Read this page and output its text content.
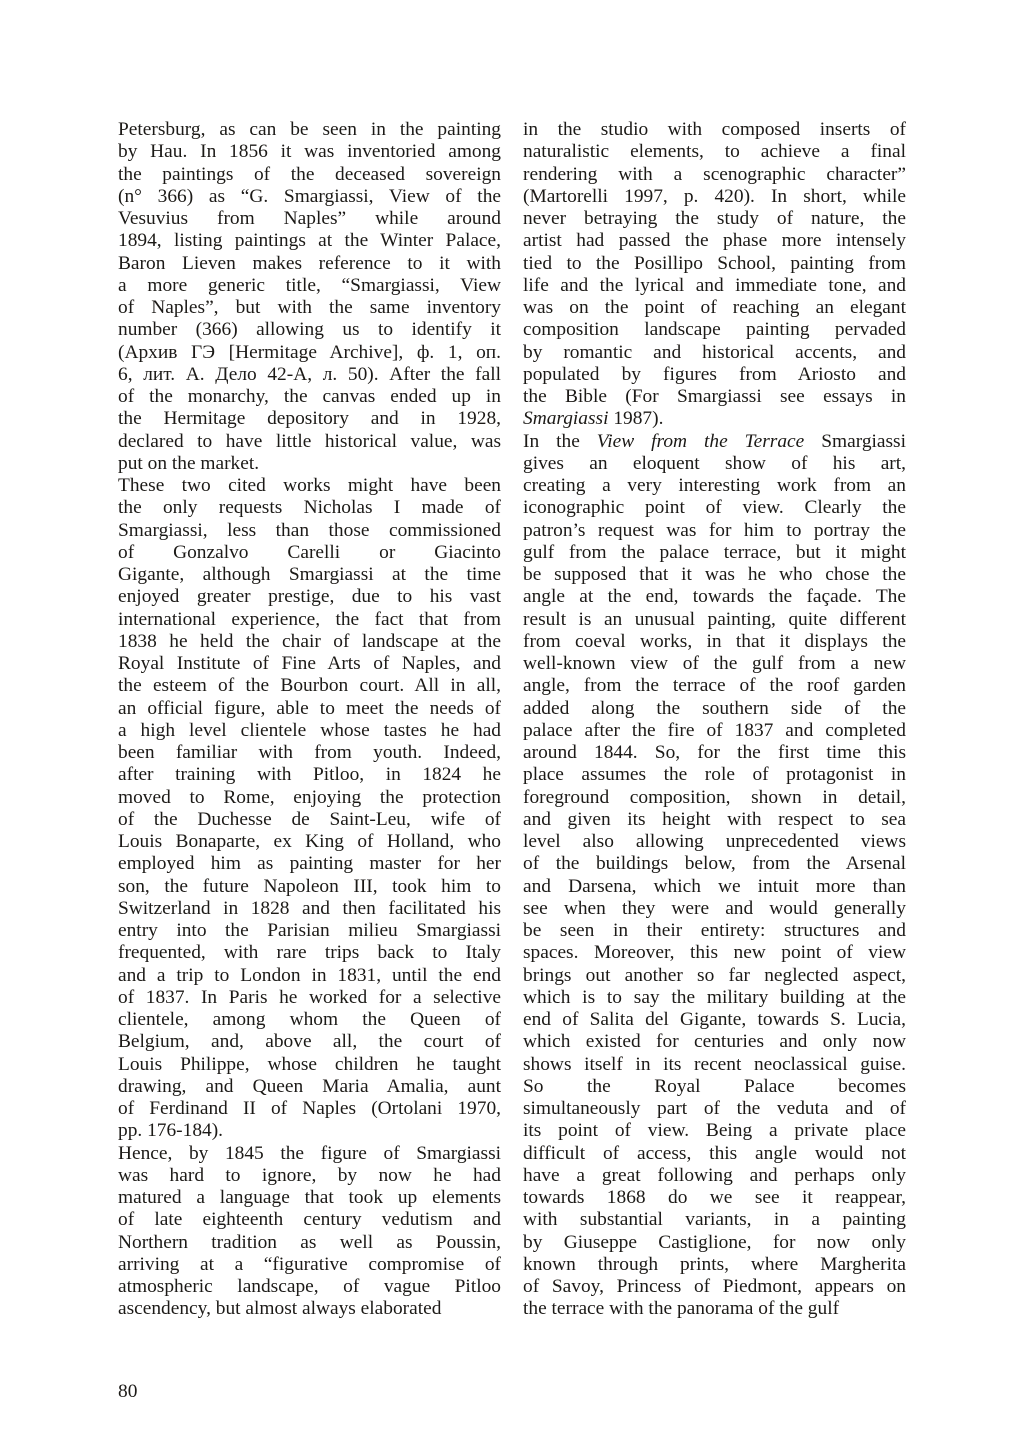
Petersburg, as can be seen in the painting
by Hau. In 1856 it was inventoried among
the paintings of the deceased sovereign
(n° 366) as “G. Smargiassi, View of the
Vesuvius from Naples” while around
1894, listing paintings at the Winter Palace,
Baron Lieven makes reference to it with
a more generic title, “Smargiassi, View
of Naples”, but with the same inventory
number (366) allowing us to identify it
(Архив ГЭ [Hermitage Archive], ф. 1, оп.
6, лит. А. Дело 42-А, л. 50). After the fall
of the monarchy, the canvas ended up in
the Hermitage depository and in 1928,
declared to have little historical value, was
put on the market.
These two cited works might have been
the only requests Nicholas I made of
Smargiassi, less than those commissioned
of Gonzalvo Carelli or Giacinto
Gigante, although Smargiassi at the time
enjoyed greater prestige, due to his vast
international experience, the fact that from
1838 he held the chair of landscape at the
Royal Institute of Fine Arts of Naples, and
the esteem of the Bourbon court. All in all,
an official figure, able to meet the needs of
a high level clientele whose tastes he had
been familiar with from youth. Indeed,
after training with Pitloo, in 1824 he
moved to Rome, enjoying the protection
of the Duchesse de Saint-Leu, wife of
Louis Bonaparte, ex King of Holland, who
employed him as painting master for her
son, the future Napoleon III, took him to
Switzerland in 1828 and then facilitated his
entry into the Parisian milieu Smargiassi
frequented, with rare trips back to Italy
and a trip to London in 1831, until the end
of 1837. In Paris he worked for a selective
clientele, among whom the Queen of
Belgium, and, above all, the court of
Louis Philippe, whose children he taught
drawing, and Queen Maria Amalia, aunt
of Ferdinand II of Naples (Ortolani 1970,
pp. 176-184).
Hence, by 1845 the figure of Smargiassi
was hard to ignore, by now he had
matured a language that took up elements
of late eighteenth century vedutism and
Northern tradition as well as Poussin,
arriving at a “figurative compromise of
atmospheric landscape, of vague Pitloo
ascendency, but almost always elaborated
in the studio with composed inserts of
naturalistic elements, to achieve a final
rendering with a scenographic character”
(Martorelli 1997, p. 420). In short, while
never betraying the study of nature, the
artist had passed the phase more intensely
tied to the Posillipo School, painting from
life and the lyrical and immediate tone, and
was on the point of reaching an elegant
composition landscape painting pervaded
by romantic and historical accents, and
populated by figures from Ariosto and
the Bible (For Smargiassi see essays in
Smargiassi 1987).
In the View from the Terrace Smargiassi
gives an eloquent show of his art,
creating a very interesting work from an
iconographic point of view. Clearly the
patron’s request was for him to portray the
gulf from the palace terrace, but it might
be supposed that it was he who chose the
angle at the end, towards the façade. The
result is an unusual painting, quite different
from coeval works, in that it displays the
well-known view of the gulf from a new
angle, from the terrace of the roof garden
added along the southern side of the
palace after the fire of 1837 and completed
around 1844. So, for the first time this
place assumes the role of protagonist in
foreground composition, shown in detail,
and given its height with respect to sea
level also allowing unprecedented views
of the buildings below, from the Arsenal
and Darsena, which we intuit more than
see when they were and would generally
be seen in their entirety: structures and
spaces. Moreover, this new point of view
brings out another so far neglected aspect,
which is to say the military building at the
end of Salita del Gigante, towards S. Lucia,
which existed for centuries and only now
shows itself in its recent neoclassical guise.
So the Royal Palace becomes
simultaneously part of the veduta and of
its point of view. Being a private place
difficult of access, this angle would not
have a great following and perhaps only
towards 1868 do we see it reappear,
with substantial variants, in a painting
by Giuseppe Castiglione, for now only
known through prints, where Margherita
of Savoy, Princess of Piedmont, appears on
the terrace with the panorama of the gulf
80
